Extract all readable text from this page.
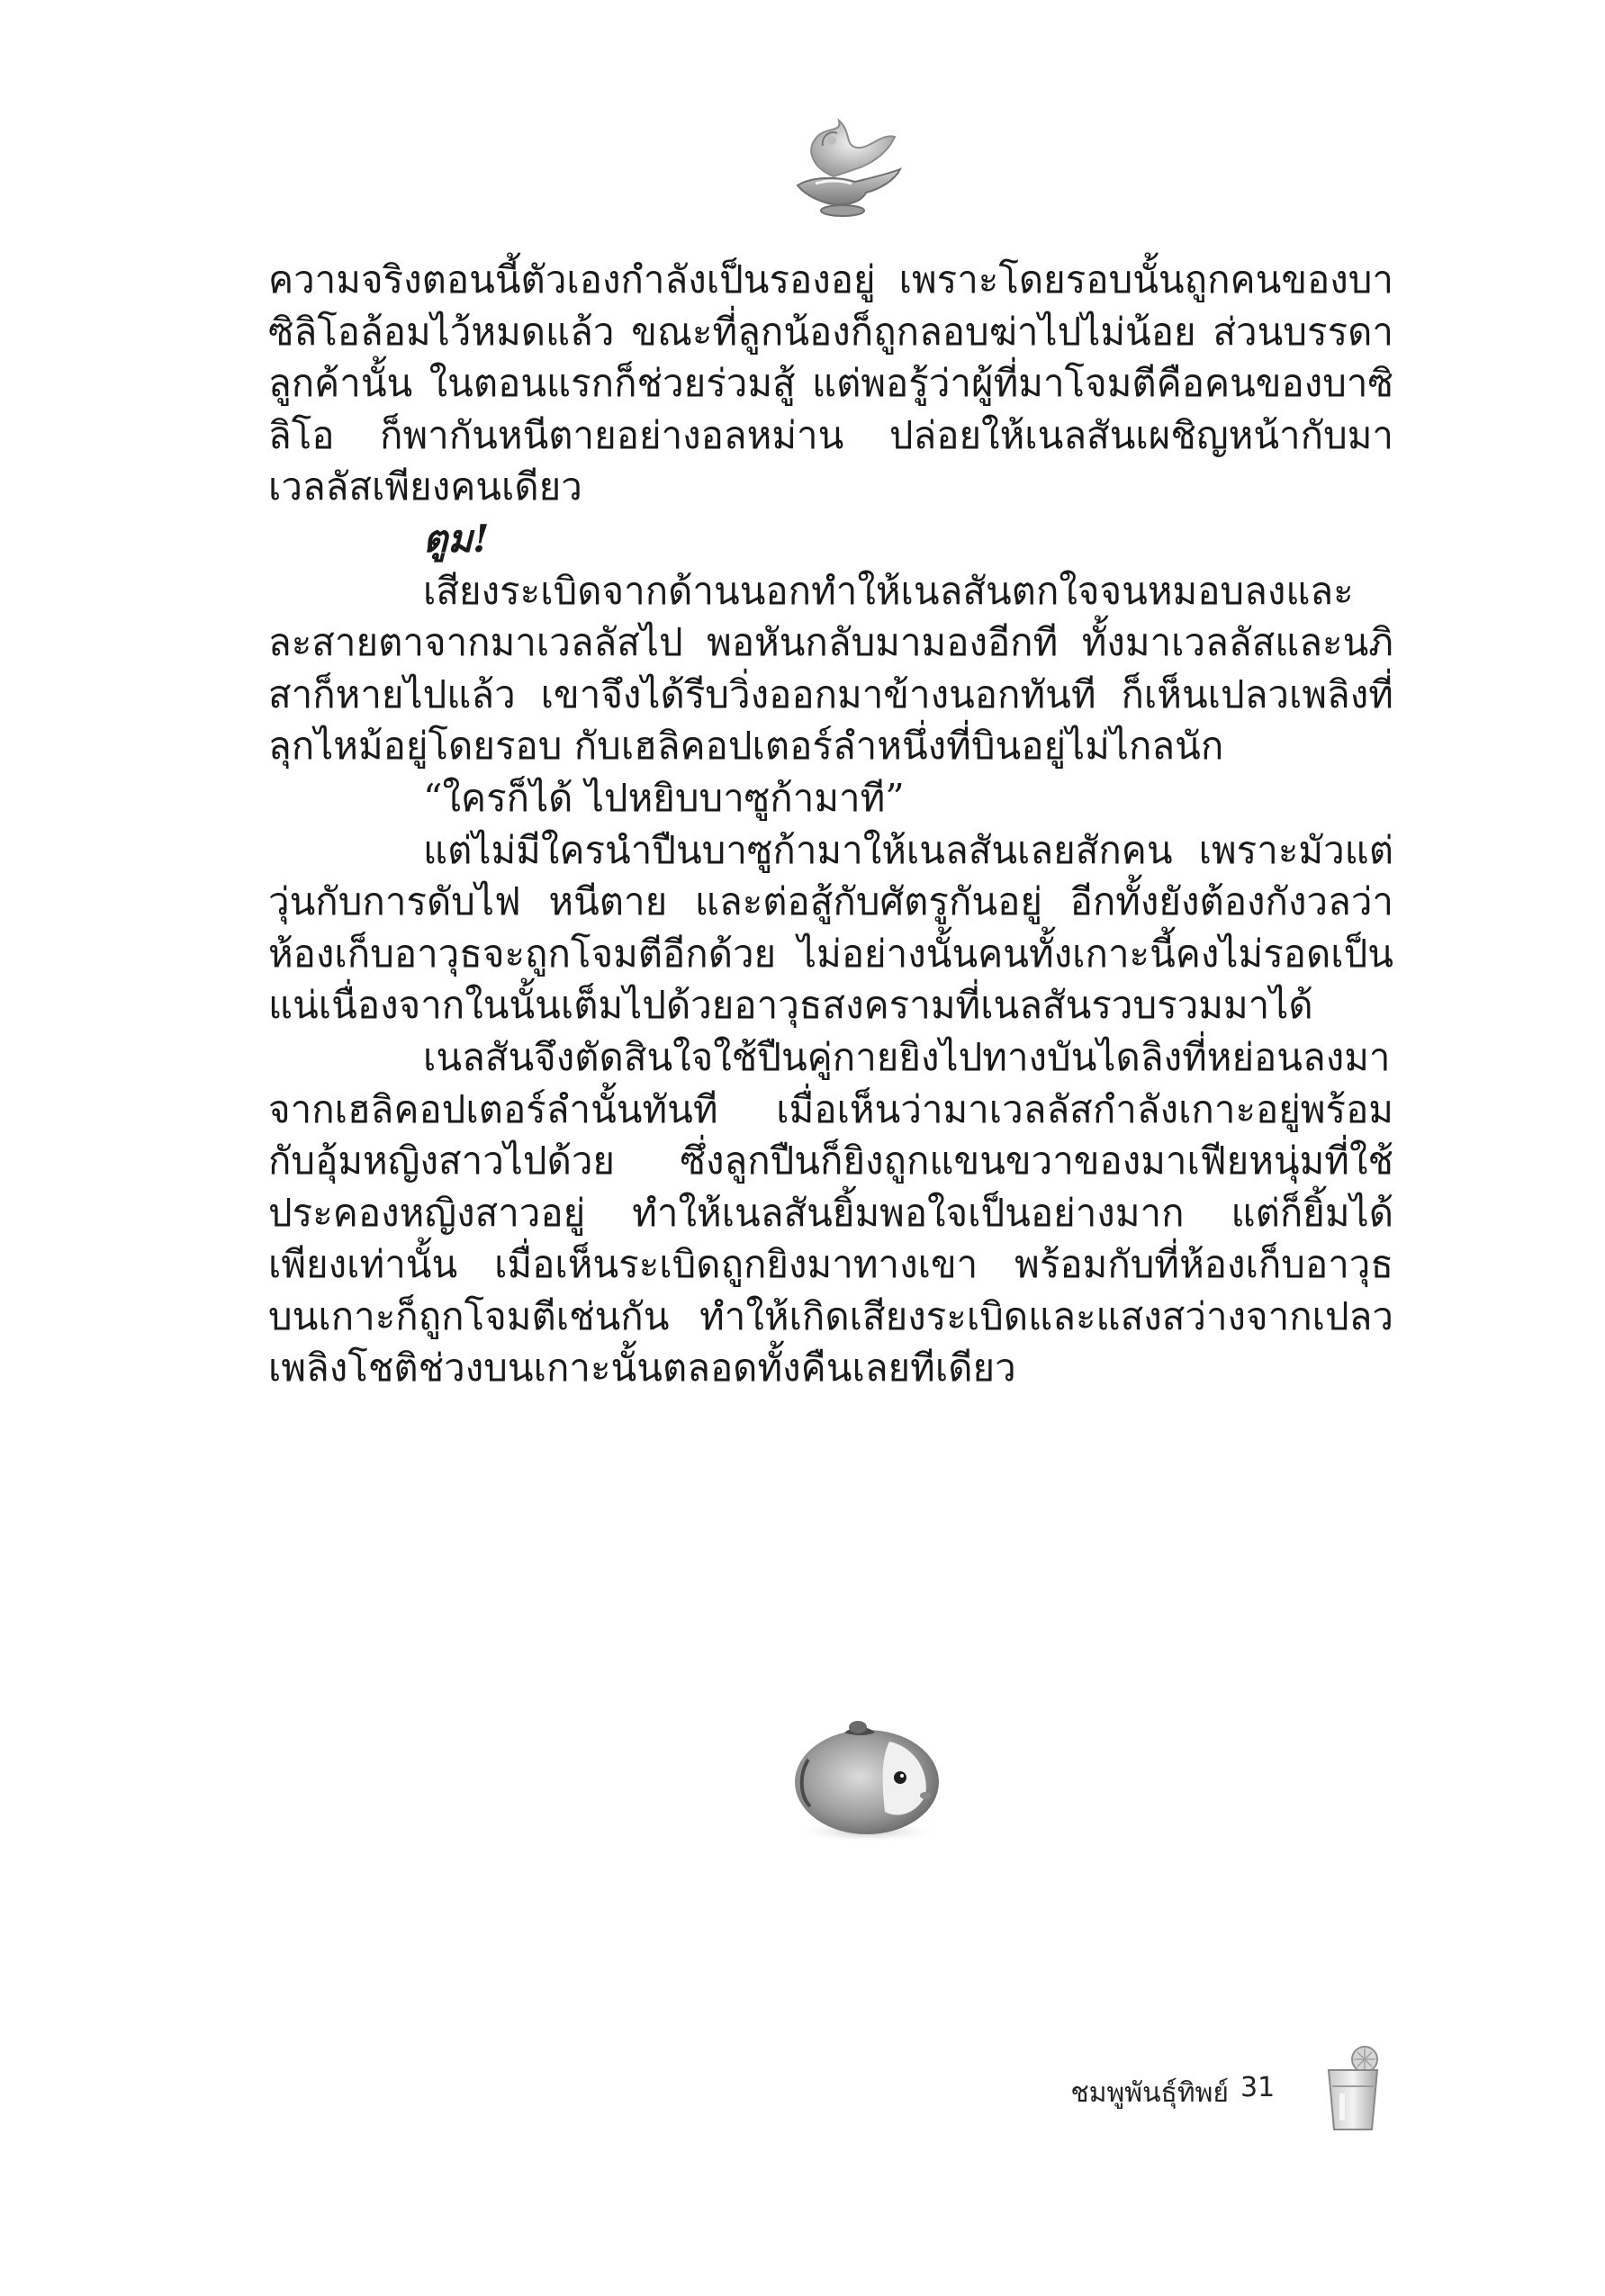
ความจริงตอนนี้ตัวเองกำลังเป็นรองอยู่ เพราะโดยรอบนั้นถูกคนของบาซิลิโอล้อมไว้หมดแล้ว ขณะที่ลูกน้องก็ถูกลอบฆ่าไปไม่น้อย ส่วนบรรดาลูกค้านั้น ในตอนแรกก็ช่วยร่วมสู้ แต่พอรู้ว่าผู้ที่มาโจมตีคือคนของบาซิลิโอ ก็พากันหนีตายอย่างอลหม่าน ปล่อยให้เนลสันเผชิญหน้ากับมาเวลลัสเพียงคนเดียว

ตูม!

เสียงระเบิดจากด้านนอกทำให้เนลสันตกใจจนหมอบลงและละสายตาจากมาเวลลัสไป พอหันกลับมามองอีกที ทั้งมาเวลลัสและนภิสาก็หายไปแล้ว เขาจึงได้รีบวิ่งออกมาข้างนอกทันที ก็เห็นเปลวเพลิงที่ลุกไหม้อยู่โดยรอบ กับเฮลิคอปเตอร์ลำหนึ่งที่บินอยู่ไม่ไกลนัก

“ใครก็ได้ ไปหยิบบาซูก้ามาที”

แต่ไม่มีใครนำปืนบาซูก้ามาให้เนลสันเลยสักคน เพราะมัวแต่วุ่นกับการดับไฟ หนีตาย และต่อสู้กับศัตรูกันอยู่ อีกทั้งยังต้องกังวลว่าห้องเก็บอาวุธจะถูกโจมตีอีกด้วย ไม่อย่างนั้นคนทั้งเกาะนี้คงไม่รอดเป็นแน่เนื่องจากในนั้นเต็มไปด้วยอาวุธสงครามที่เนลสันรวบรวมมาได้

เนลสันจึงตัดสินใจใช้ปืนคู่กายยิงไปทางบันไดลิงที่หย่อนลงมาจากเฮลิคอปเตอร์ลำนั้นทันที เมื่อเห็นว่ามาเวลลัสกำลังเกาะอยู่พร้อมกับอุ้มหญิงสาวไปด้วย ซึ่งลูกปืนก็ยิงถูกแขนขวาของมาเฟียหนุ่มที่ใช้ประคองหญิงสาวอยู่ ทำให้เนลสันยิ้มพอใจเป็นอย่างมาก แต่ก็ยิ้มได้เพียงเท่านั้น เมื่อเห็นระเบิดถูกยิงมาทางเขา พร้อมกับที่ห้องเก็บอาวุธบนเกาะก็ถูกโจมตีเช่นกัน ทำให้เกิดเสียงระเบิดและแสงสว่างจากเปลวเพลิงโชติช่วงบนเกาะนั้นตลอดทั้งคืนเลยทีเดียว

ชมพูพันธุ์ทิพย์ 31
